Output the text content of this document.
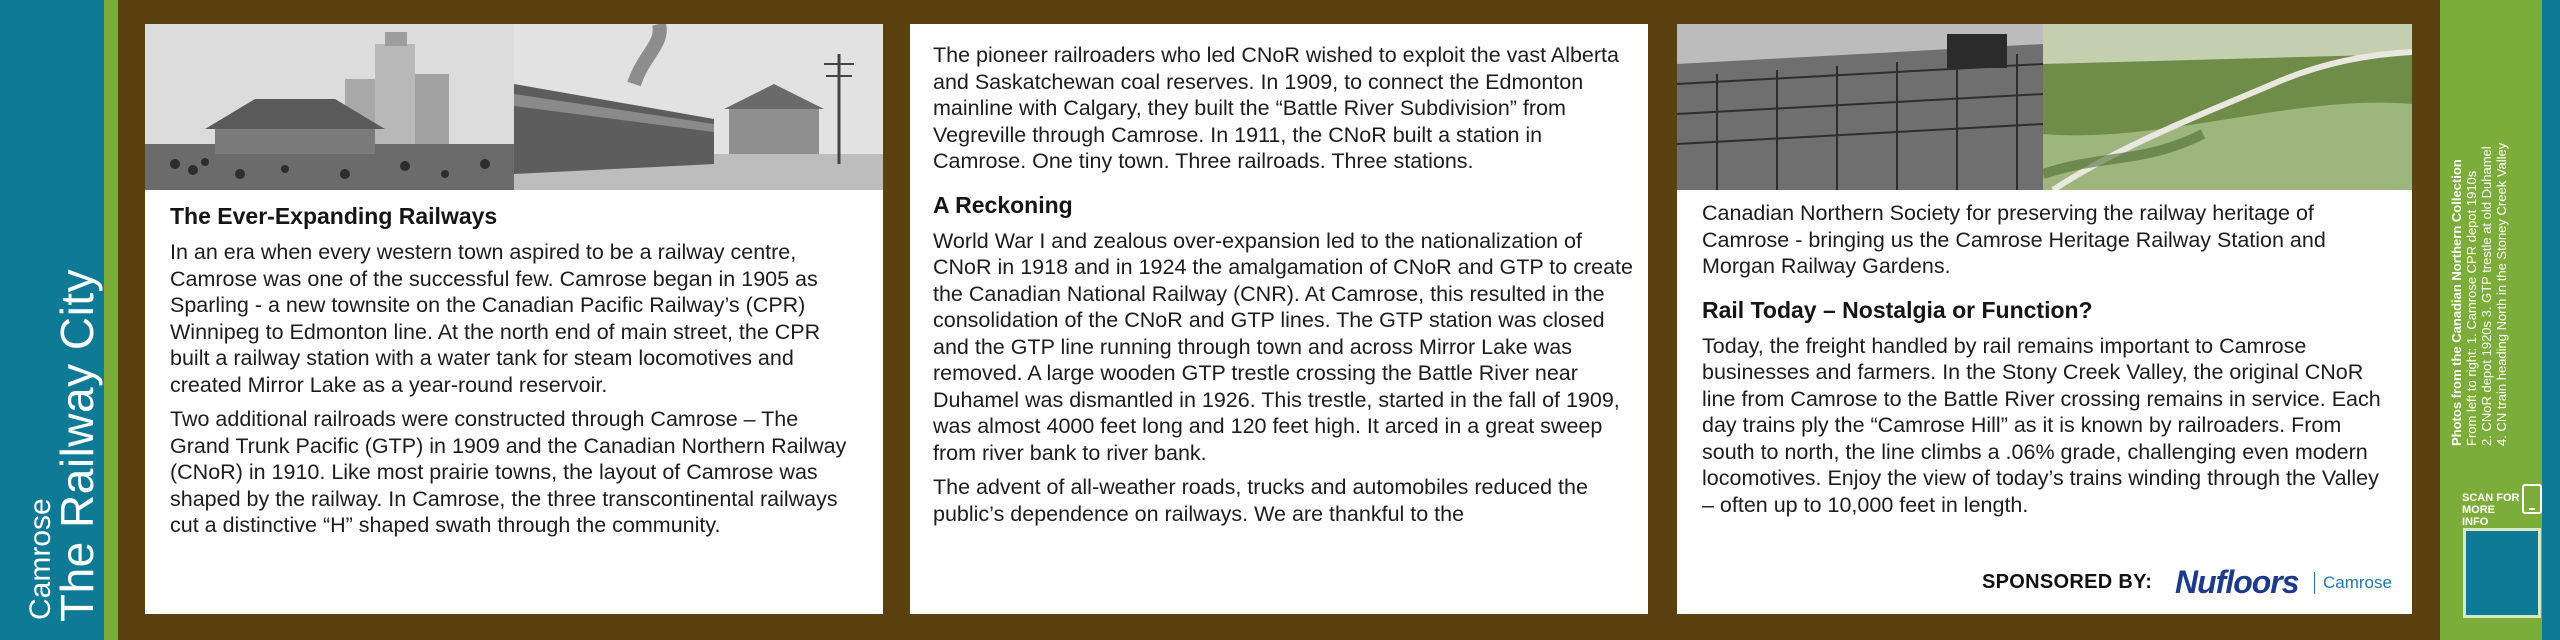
Camrose
The Railway City
The Ever-Expanding Railways

In an era when every western town aspired to be a railway centre, Camrose was one of the successful few. Camrose began in 1905 as Sparling - a new townsite on the Canadian Pacific Railway’s (CPR) Winnipeg to Edmonton line. At the north end of main street, the CPR built a railway station with a water tank for steam locomotives and created Mirror Lake as a year-round reservoir.

Two additional railroads were constructed through Camrose – The Grand Trunk Pacific (GTP) in 1909 and the Canadian Northern Railway (CNoR) in 1910. Like most prairie towns, the layout of Camrose was shaped by the railway. In Camrose, the three transcontinental railways cut a distinctive “H” shaped swath through the community.

The pioneer railroaders who led CNoR wished to exploit the vast Alberta and Saskatchewan coal reserves. In 1909, to connect the Edmonton mainline with Calgary, they built the “Battle River Subdivision” from Vegreville through Camrose. In 1911, the CNoR built a station in Camrose. One tiny town. Three railroads. Three stations.

A Reckoning

World War I and zealous over-expansion led to the nationalization of CNoR in 1918 and in 1924 the amalgamation of CNoR and GTP to create the Canadian National Railway (CNR). At Camrose, this resulted in the consolidation of the CNoR and GTP lines. The GTP station was closed and the GTP line running through town and across Mirror Lake was removed. A large wooden GTP trestle crossing the Battle River near Duhamel was dismantled in 1926. This trestle, started in the fall of 1909, was almost 4000 feet long and 120 feet high. It arced in a great sweep from river bank to river bank.

The advent of all-weather roads, trucks and automobiles reduced the public’s dependence on railways. We are thankful to the

Canadian Northern Society for preserving the railway heritage of Camrose - bringing us the Camrose Heritage Railway Station and Morgan Railway Gardens.

Rail Today – Nostalgia or Function?

Today, the freight handled by rail remains important to Camrose businesses and farmers. In the Stony Creek Valley, the original CNoR line from Camrose to the Battle River crossing remains in service. Each day trains ply the “Camrose Hill” as it is known by railroaders. From south to north, the line climbs a .06% grade, challenging even modern locomotives. Enjoy the view of today’s trains winding through the Valley – often up to 10,000 feet in length.

SPONSORED BY: Nufloors Camrose
Photos from the Canadian Northern Collection From left to right: 1. Camrose CPR depot 1910s 2. CNoR depot 1920s 3. GTP trestle at old Duhamel 4. CN train heading North in the Stoney Creek Valley
SCAN FOR MORE INFO
